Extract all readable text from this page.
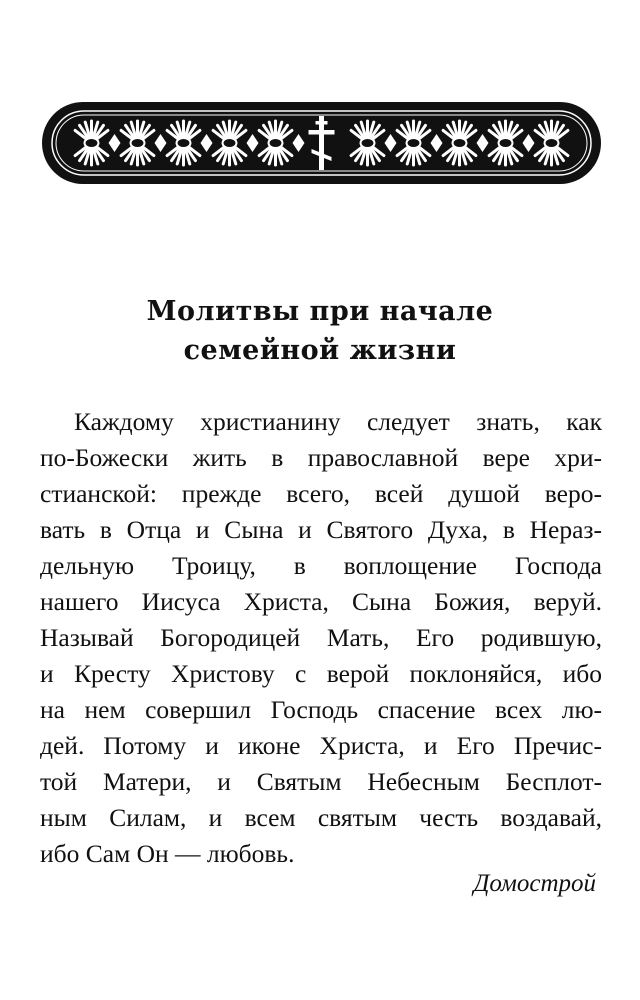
Молитвы при начале
семейной жизни
Каждому христианину следует знать, как
по-Божески жить в православной вере хри-
стианской: прежде всего, всей душой веро-
вать в Отца и Сына и Святого Духа, в Нераз-
дельную Троицу, в воплощение Господа
нашего Иисуса Христа, Сына Божия, веруй.
Называй Богородицей Мать, Его родившую,
и Кресту Христову с верой поклоняйся, ибо
на нем совершил Господь спасение всех лю-
дей. Потому и иконе Христа, и Его Пречис-
той Матери, и Святым Небесным Бесплот-
ным Силам, и всем святым честь воздавай,
ибо Сам Он — любовь.
Домострой
